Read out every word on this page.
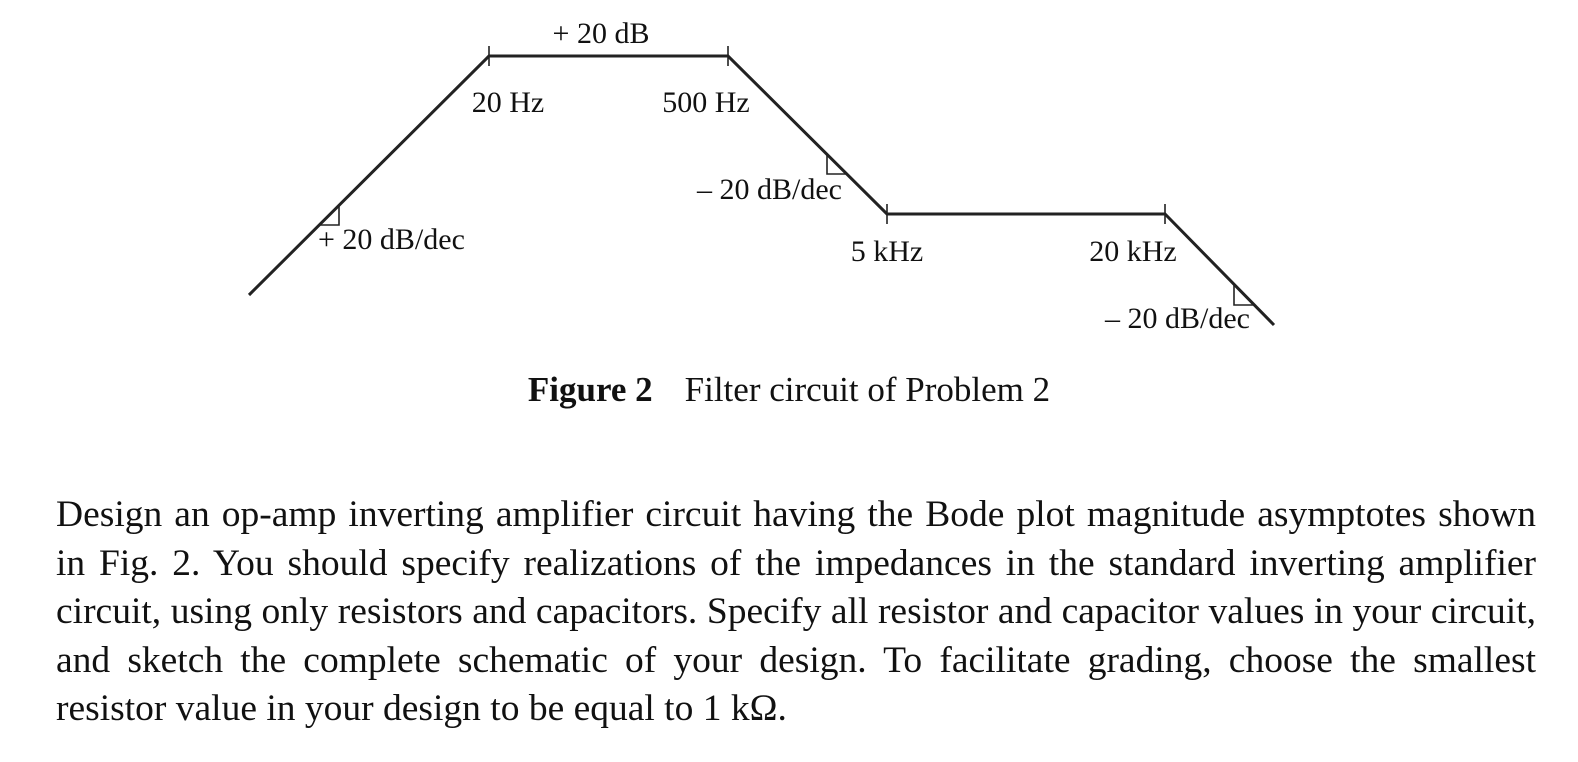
+ 20 dB
20 Hz	500 Hz
+ 20 dB/dec
– 20 dB/dec
5 kHz	20 kHz
– 20 dB/dec
Figure 2 Filter circuit of Problem 2

Design an op-amp inverting amplifier circuit having the Bode plot magnitude asymptotes shown in Fig. 2. You should specify realizations of the impedances in the standard inverting amplifier circuit, using only resistors and capacitors. Specify all resistor and capacitor values in your circuit, and sketch the complete schematic of your design. To facilitate grading, choose the smallest resistor value in your design to be equal to 1 kΩ.
